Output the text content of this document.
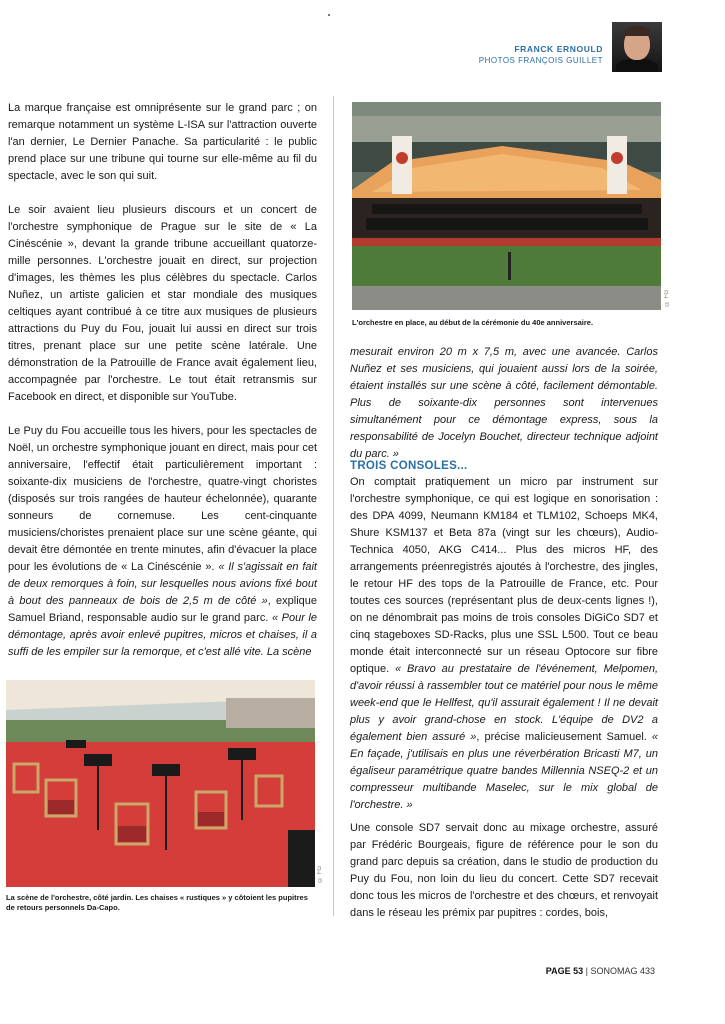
FRANCK ERNOULD
PHOTOS FRANÇOIS GUILLET

La marque française est omniprésente sur le grand parc ; on remarque notamment un système L-ISA sur l'attraction ouverte l'an dernier, Le Dernier Panache. Sa particularité : le public prend place sur une tribune qui tourne sur elle-même au fil du spectacle, avec le son qui suit.

Le soir avaient lieu plusieurs discours et un concert de l'orchestre symphonique de Prague sur le site de « La Cinéscénie », devant la grande tribune accueillant quatorze-mille personnes. L'orchestre jouait en direct, sur projection d'images, les thèmes les plus célèbres du spectacle. Carlos Nuñez, un artiste galicien et star mondiale des musiques celtiques ayant contribué à ce titre aux musiques de plusieurs attractions du Puy du Fou, jouait lui aussi en direct sur trois titres, prenant place sur une petite scène latérale. Une démonstration de la Patrouille de France avait également lieu, accompagnée par l'orchestre. Le tout était retransmis sur Facebook en direct, et disponible sur YouTube.

Le Puy du Fou accueille tous les hivers, pour les spectacles de Noël, un orchestre symphonique jouant en direct, mais pour cet anniversaire, l'effectif était particulièrement important : soixante-dix musiciens de l'orchestre, quatre-vingt choristes (disposés sur trois rangées de hauteur échelonnée), quarante sonneurs de cornemuse. Les cent-cinquante musiciens/choristes prenaient place sur une scène géante, qui devait être démontée en trente minutes, afin d'évacuer la place pour les évolutions de « La Cinéscénie ». « Il s'agissait en fait de deux remorques à foin, sur lesquelles nous avions fixé bout à bout des panneaux de bois de 2,5 m de côté », explique Samuel Briand, responsable audio sur le grand parc. « Pour le démontage, après avoir enlevé pupitres, micros et chaises, il a suffi de les empiler sur la remorque, et c'est allé vite. La scène

© FG
L'orchestre en place, au début de la cérémonie du 40e anniversaire.

mesurait environ 20 m x 7,5 m, avec une avancée. Carlos Nuñez et ses musiciens, qui jouaient aussi lors de la soirée, étaient installés sur une scène à côté, facilement démontable. Plus de soixante-dix personnes sont intervenues simultanément pour ce démontage express, sous la responsabilité de Jocelyn Bouchet, directeur technique adjoint du parc. »

TROIS CONSOLES...

On comptait pratiquement un micro par instrument sur l'orchestre symphonique, ce qui est logique en sonorisation : des DPA 4099, Neumann KM184 et TLM102, Schoeps MK4, Shure KSM137 et Beta 87a (vingt sur les chœurs), Audio-Technica 4050, AKG C414... Plus des micros HF, des arrangements préenregistrés ajoutés à l'orchestre, des jingles, le retour HF des tops de la Patrouille de France, etc. Pour toutes ces sources (représentant plus de deux-cents lignes !), on ne dénombrait pas moins de trois consoles DiGiCo SD7 et cinq stageboxes SD-Racks, plus une SSL L500. Tout ce beau monde était interconnecté sur un réseau Optocore sur fibre optique. « Bravo au prestataire de l'événement, Melpomen, d'avoir réussi à rassembler tout ce matériel pour nous le même week-end que le Hellfest, qu'il assurait également ! Il ne devait plus y avoir grand-chose en stock. L'équipe de DV2 a également bien assuré », précise malicieusement Samuel. « En façade, j'utilisais en plus une réverbération Bricasti M7, un égaliseur paramétrique quatre bandes Millennia NSEQ-2 et un compresseur multibande Maselec, sur le mix global de l'orchestre. »

Une console SD7 servait donc au mixage orchestre, assuré par Frédéric Bourgeais, figure de référence pour le son du grand parc depuis sa création, dans le studio de production du Puy du Fou, non loin du lieu du concert. Cette SD7 recevait donc tous les micros de l'orchestre et des chœurs, et renvoyait dans le réseau les prémix par pupitres : cordes, bois,

© FG
La scène de l'orchestre, côté jardin. Les chaises « rustiques » y côtoient les pupitres de retours personnels Da-Capo.
PAGE 53 | SONOMAG 433
